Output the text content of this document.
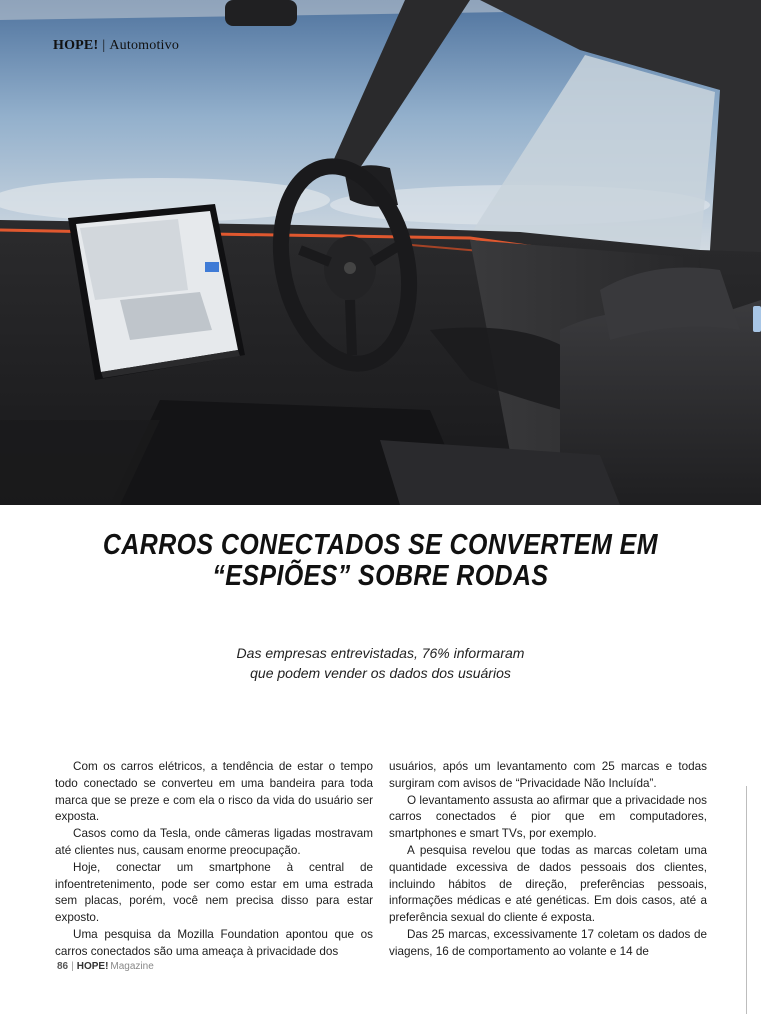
HOPE! | Automotivo
CARROS CONECTADOS SE CONVERTEM EM
“ESPIÕES” SOBRE RODAS
Das empresas entrevistadas, 76% informaram
que podem vender os dados dos usuários

Com os carros elétricos, a tendência de estar o tempo todo conectado se converteu em uma bandeira para toda marca que se preze e com ela o risco da vida do usuário ser exposta.

Casos como da Tesla, onde câmeras ligadas mostravam até clientes nus, causam enorme preocupação.

Hoje, conectar um smartphone à central de infoentretenimento, pode ser como estar em uma estrada sem placas, porém, você nem precisa disso para estar exposto.

Uma pesquisa da Mozilla Foundation apontou que os carros conectados são uma ameaça à privacidade dos

usuários, após um levantamento com 25 marcas e todas surgiram com avisos de “Privacidade Não Incluída”.

O levantamento assusta ao afirmar que a privacidade nos carros conectados é pior que em computadores, smartphones e smart TVs, por exemplo.

A pesquisa revelou que todas as marcas coletam uma quantidade excessiva de dados pessoais dos clientes, incluindo hábitos de direção, preferências pessoais, informações médicas e até genéticas. Em dois casos, até a preferência sexual do cliente é exposta.

Das 25 marcas, excessivamente 17 coletam os dados de viagens, 16 de comportamento ao volante e 14 de

86 | HOPE! Magazine
